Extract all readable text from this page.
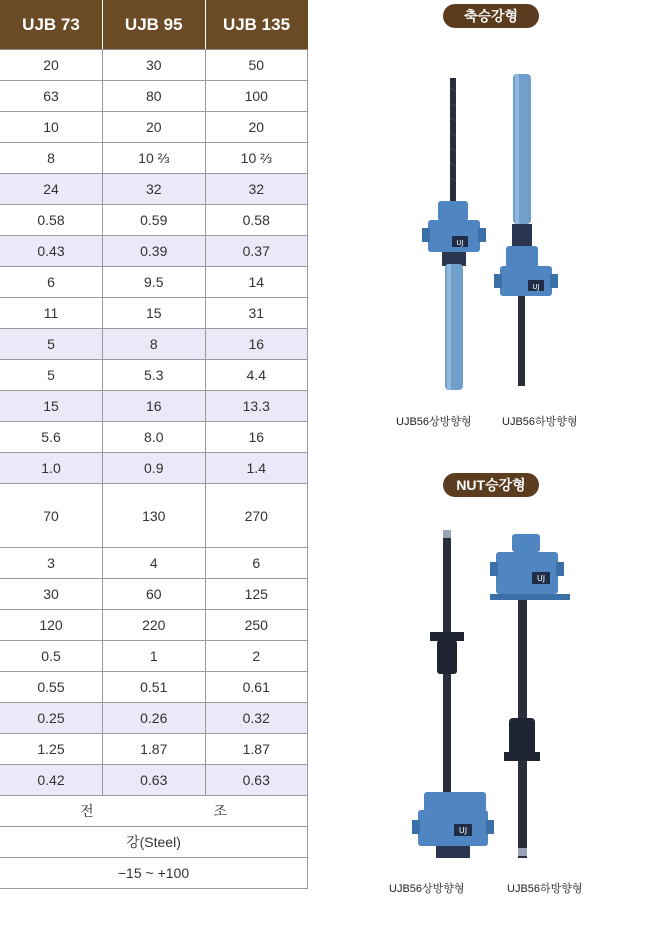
UJB 73	UJB 95	UJB 135
20	30	50
63	80	100
10	20	20
8	10 ⅔	10 ⅔
24	32	32
0.58	0.59	0.58
0.43	0.39	0.37
6	9.5	14
11	15	31
5	8	16
5	5.3	4.4
15	16	13.3
5.6	8.0	16
1.0	0.9	1.4
70	130	270
3	4	6
30	60	125
120	220	250
0.5	1	2
0.55	0.51	0.61
0.25	0.26	0.32
1.25	1.87	1.87
0.42	0.63	0.63
전 　　　　　　　　 조		
강(Steel)		
−15 ~ +100		
축승강형
UJ
UJ
UJB56상방향형	UJB56하방향형
NUT승강형
UJ
UJ
UJB56상방향형	UJB56하방향형
